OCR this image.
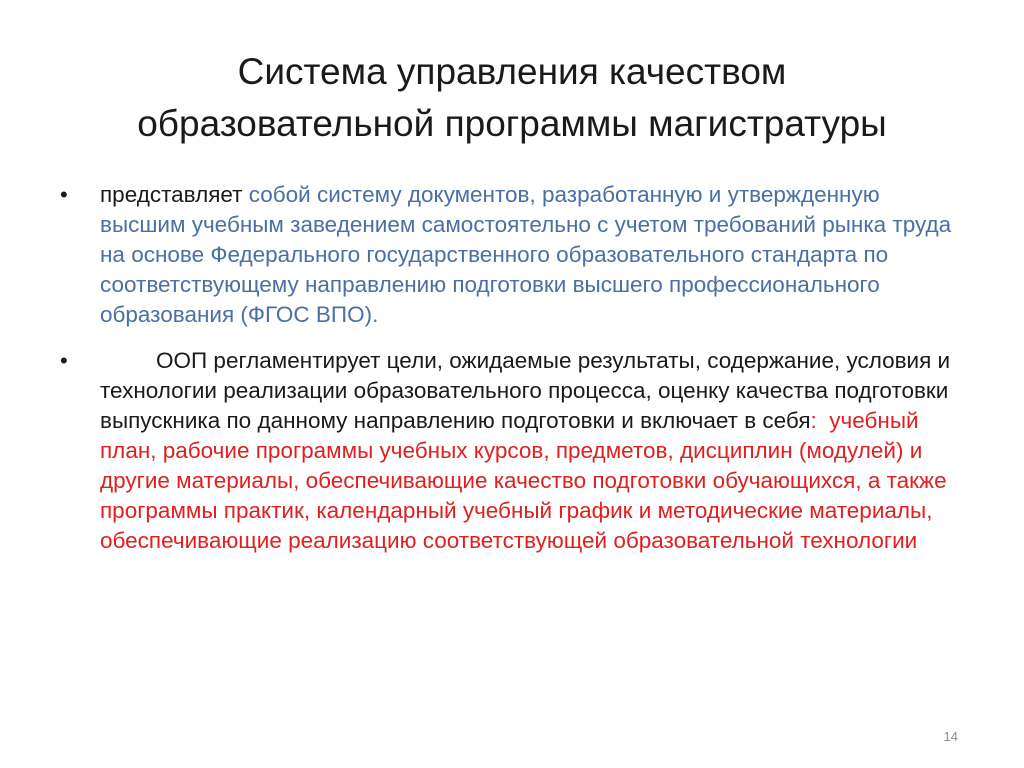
Система управления качеством
образовательной программы магистратуры
•	представляет собой систему документов, разработанную и утвержденную высшим учебным заведением самостоятельно с учетом требований рынка труда на основе Федерального государственного образовательного стандарта по соответствующему направлению подготовки высшего профессионального образования (ФГОС ВПО).
•	ООП регламентирует цели, ожидаемые результаты, содержание, условия и технологии реализации образовательного процесса, оценку качества подготовки выпускника по данному направлению подготовки и включает в себя:  учебный план, рабочие программы учебных курсов, предметов, дисциплин (модулей) и другие материалы, обеспечивающие качество подготовки обучающихся, а также программы практик, календарный учебный график и методические материалы, обеспечивающие реализацию соответствующей образовательной технологии
14
